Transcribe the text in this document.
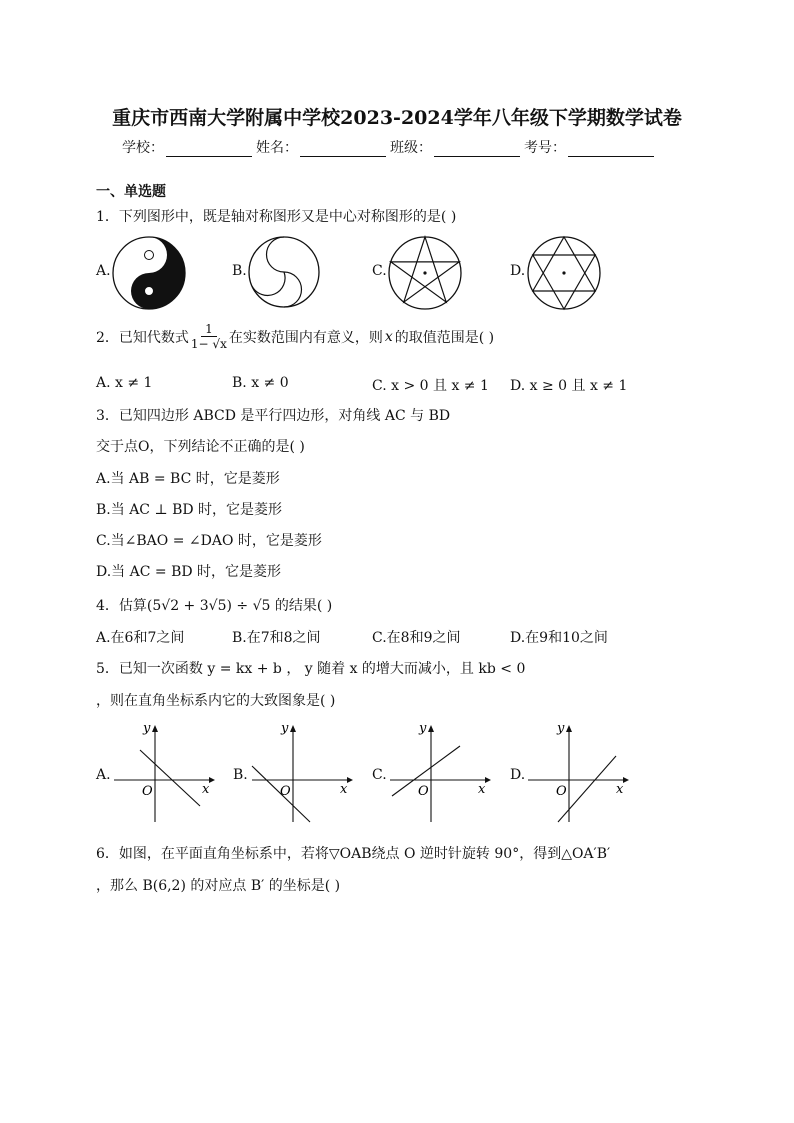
重庆市西南大学附属中学校2023-2024学年八年级下学期数学试卷
学校：	姓名：	班级：	考号：
一、单选题
1．下列图形中，既是轴对称图形又是中心对称图形的是( )
A.	B.	C.	D.
2．已知代数式 $\frac{1}{1- √x}$ 在实数范围内有意义，则 x 的取值范围是( )
A. x ≠ 1	B. x ≠ 0	C. x > 0 且 x ≠ 1 D. x ≥ 0 且 x ≠ 1
3．已知四边形 ABCD 是平行四边形，对角线 AC 与 BD
交于点O，下列结论不正确的是( )
A.当 AB = BC 时，它是菱形
B.当 AC ⊥ BD 时，它是菱形
C.当∠BAO = ∠DAO 时，它是菱形
D.当 AC = BD 时，它是菱形
4．估算(5√2 + 3√5) ÷ √5 的结果( )
A.在6和7之间	B.在7和8之间	C.在8和9之间	D.在9和10之间
5．已知一次函数 y = kx + b ， y 随着 x 的增大而减小，且 kb < 0
，则在直角坐标系内它的大致图象是( )
A.	B.	C.	D.
y
x
O
y
x
O
y
x
O
y
x
O
6．如图，在平面直角坐标系中，若将▽OAB绕点 O 逆时针旋转 90°，得到△OA′B′
，那么 B(6,2) 的对应点 B′ 的坐标是( )
